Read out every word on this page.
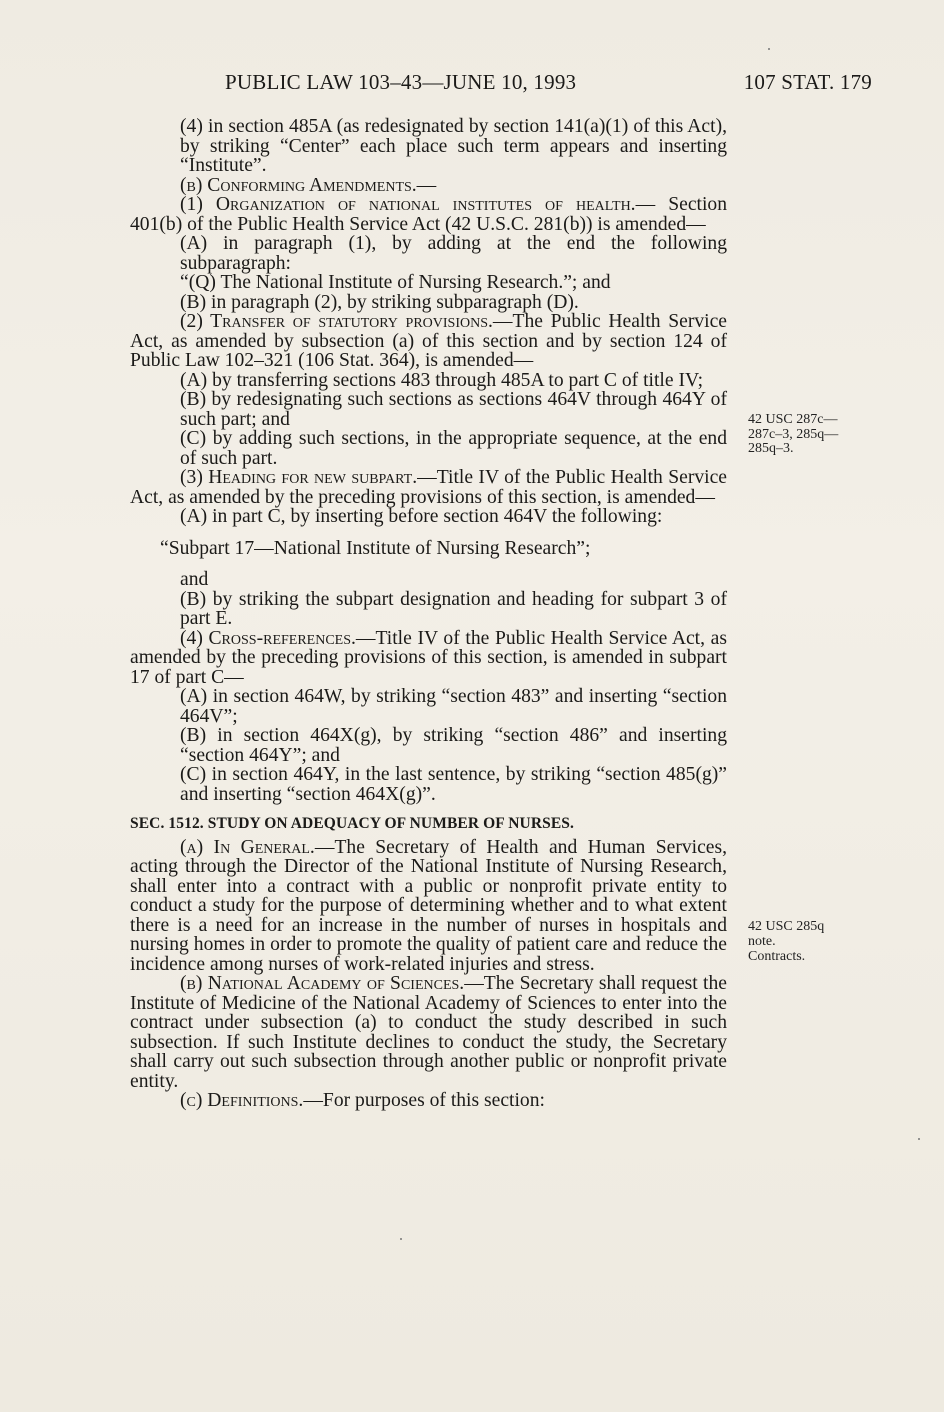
PUBLIC LAW 103–43—JUNE 10, 1993	107 STAT. 179

(4) in section 485A (as redesignated by section 141(a)(1) of this Act), by striking “Center” each place such term appears and inserting “Institute”.

(b) Conforming Amendments.—

(1) Organization of national institutes of health.— Section 401(b) of the Public Health Service Act (42 U.S.C. 281(b)) is amended—

(A) in paragraph (1), by adding at the end the following subparagraph:

“(Q) The National Institute of Nursing Research.”; and

(B) in paragraph (2), by striking subparagraph (D).

(2) Transfer of statutory provisions.—The Public Health Service Act, as amended by subsection (a) of this section and by section 124 of Public Law 102–321 (106 Stat. 364), is amended—

(A) by transferring sections 483 through 485A to part C of title IV;

(B) by redesignating such sections as sections 464V through 464Y of such part; and

(C) by adding such sections, in the appropriate sequence, at the end of such part.

(3) Heading for new subpart.—Title IV of the Public Health Service Act, as amended by the preceding provisions of this section, is amended—

(A) in part C, by inserting before section 464V the following:

“Subpart 17—National Institute of Nursing Research”;

and

(B) by striking the subpart designation and heading for subpart 3 of part E.

(4) Cross-references.—Title IV of the Public Health Service Act, as amended by the preceding provisions of this section, is amended in subpart 17 of part C—

(A) in section 464W, by striking “section 483” and inserting “section 464V”;

(B) in section 464X(g), by striking “section 486” and inserting “section 464Y”; and

(C) in section 464Y, in the last sentence, by striking “section 485(g)” and inserting “section 464X(g)”.

SEC. 1512. STUDY ON ADEQUACY OF NUMBER OF NURSES.

(a) In General.—The Secretary of Health and Human Services, acting through the Director of the National Institute of Nursing Research, shall enter into a contract with a public or nonprofit private entity to conduct a study for the purpose of determining whether and to what extent there is a need for an increase in the number of nurses in hospitals and nursing homes in order to promote the quality of patient care and reduce the incidence among nurses of work-related injuries and stress.

(b) National Academy of Sciences.—The Secretary shall request the Institute of Medicine of the National Academy of Sciences to enter into the contract under subsection (a) to conduct the study described in such subsection. If such Institute declines to conduct the study, the Secretary shall carry out such subsection through another public or nonprofit private entity.

(c) Definitions.—For purposes of this section:

42 USC 287c— 287c–3, 285q— 285q–3.
42 USC 285q note.
Contracts.
